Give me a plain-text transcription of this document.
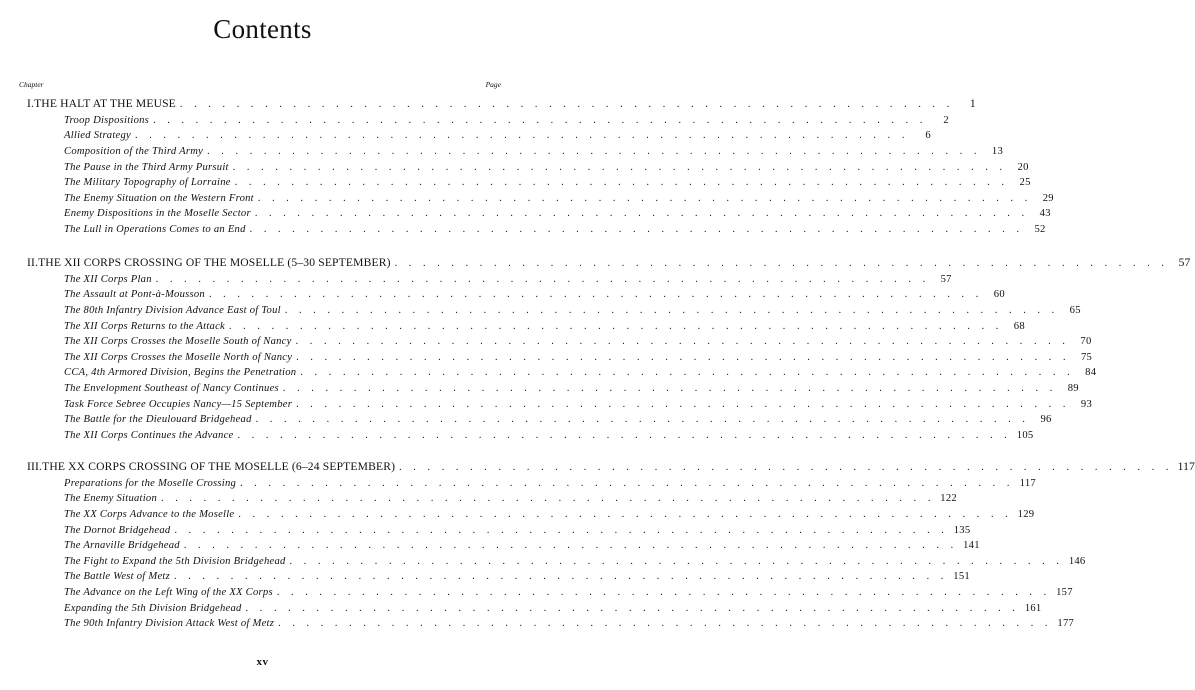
Contents
Chapter	Page
I. THE HALT AT THE MEUSE . . . . . . . . . . . . . . . . . . . . . . . . . . . . . . . . . . . . . . . . . . . . . . . . . . . . . . .	1
Troop Dispositions . . . . . . . . . . . . . . . . . . . . . . . . . . . . . . . . . . . . . . . . . . . . . . . . . . . . . . .	2
Allied Strategy . . . . . . . . . . . . . . . . . . . . . . . . . . . . . . . . . . . . . . . . . . . . . . . . . . . . . . .	6
Composition of the Third Army . . . . . . . . . . . . . . . . . . . . . . . . . . . . . . . . . . . . . . . . . . . . . . . . . . . . . . .	13
The Pause in the Third Army Pursuit . . . . . . . . . . . . . . . . . . . . . . . . . . . . . . . . . . . . . . . . . . . . . . . . . . . . . . .	20
The Military Topography of Lorraine . . . . . . . . . . . . . . . . . . . . . . . . . . . . . . . . . . . . . . . . . . . . . . . . . . . . . . .	25
The Enemy Situation on the Western Front . . . . . . . . . . . . . . . . . . . . . . . . . . . . . . . . . . . . . . . . . . . . . . . . . . . . . . .	29
Enemy Dispositions in the Moselle Sector . . . . . . . . . . . . . . . . . . . . . . . . . . . . . . . . . . . . . . . . . . . . . . . . . . . . . . .	43
The Lull in Operations Comes to an End . . . . . . . . . . . . . . . . . . . . . . . . . . . . . . . . . . . . . . . . . . . . . . . . . . . . . . .	52
II. THE XII CORPS CROSSING OF THE MOSELLE (5–30 SEPTEMBER) . . . . . . . . . . . . . . . . . . . . . . . . . . . . . . . . . . . . . . . . . . . . . . . . . . . . . . . 57
The XII Corps Plan . . . . . . . . . . . . . . . . . . . . . . . . . . . . . . . . . . . . . . . . . . . . . . . . . . . . . . .	57
The Assault at Pont-à-Mousson . . . . . . . . . . . . . . . . . . . . . . . . . . . . . . . . . . . . . . . . . . . . . . . . . . . . . . .	60
The 80th Infantry Division Advance East of Toul . . . . . . . . . . . . . . . . . . . . . . . . . . . . . . . . . . . . . . . . . . . . . . . . . . . . . . .	65
The XII Corps Returns to the Attack . . . . . . . . . . . . . . . . . . . . . . . . . . . . . . . . . . . . . . . . . . . . . . . . . . . . . . .	68
The XII Corps Crosses the Moselle South of Nancy . . . . . . . . . . . . . . . . . . . . . . . . . . . . . . . . . . . . . . . . . . . . . . . . . . . . . . .	70
The XII Corps Crosses the Moselle North of Nancy . . . . . . . . . . . . . . . . . . . . . . . . . . . . . . . . . . . . . . . . . . . . . . . . . . . . . . .	75
CCA, 4th Armored Division, Begins the Penetration . . . . . . . . . . . . . . . . . . . . . . . . . . . . . . . . . . . . . . . . . . . . . . . . . . . . . . .	84
The Envelopment Southeast of Nancy Continues . . . . . . . . . . . . . . . . . . . . . . . . . . . . . . . . . . . . . . . . . . . . . . . . . . . . . . .	89
Task Force Sebree Occupies Nancy—15 September . . . . . . . . . . . . . . . . . . . . . . . . . . . . . . . . . . . . . . . . . . . . . . . . . . . . . . .	93
The Battle for the Dieulouard Bridgehead . . . . . . . . . . . . . . . . . . . . . . . . . . . . . . . . . . . . . . . . . . . . . . . . . . . . . . .	96
The XII Corps Continues the Advance . . . . . . . . . . . . . . . . . . . . . . . . . . . . . . . . . . . . . . . . . . . . . . . . . . . . . . . 105
III. THE XX CORPS CROSSING OF THE MOSELLE (6–24 SEPTEMBER) . . . . . . . . . . . . . . . . . . . . . . . . . . . . . . . . . . . . . . . . . . . . . . . . . . . . . . . 117
Preparations for the Moselle Crossing . . . . . . . . . . . . . . . . . . . . . . . . . . . . . . . . . . . . . . . . . . . . . . . . . . . . . . . 117
The Enemy Situation . . . . . . . . . . . . . . . . . . . . . . . . . . . . . . . . . . . . . . . . . . . . . . . . . . . . . . . 122
The XX Corps Advance to the Moselle . . . . . . . . . . . . . . . . . . . . . . . . . . . . . . . . . . . . . . . . . . . . . . . . . . . . . . . 129
The Dornot Bridgehead . . . . . . . . . . . . . . . . . . . . . . . . . . . . . . . . . . . . . . . . . . . . . . . . . . . . . . . 135
The Arnaville Bridgehead . . . . . . . . . . . . . . . . . . . . . . . . . . . . . . . . . . . . . . . . . . . . . . . . . . . . . . . 141
The Fight to Expand the 5th Division Bridgehead . . . . . . . . . . . . . . . . . . . . . . . . . . . . . . . . . . . . . . . . . . . . . . . . . . . . . . . 146
The Battle West of Metz . . . . . . . . . . . . . . . . . . . . . . . . . . . . . . . . . . . . . . . . . . . . . . . . . . . . . . . 151
The Advance on the Left Wing of the XX Corps . . . . . . . . . . . . . . . . . . . . . . . . . . . . . . . . . . . . . . . . . . . . . . . . . . . . . . . 157
Expanding the 5th Division Bridgehead . . . . . . . . . . . . . . . . . . . . . . . . . . . . . . . . . . . . . . . . . . . . . . . . . . . . . . . 161
The 90th Infantry Division Attack West of Metz . . . . . . . . . . . . . . . . . . . . . . . . . . . . . . . . . . . . . . . . . . . . . . . . . . . . . . . 177
xv
